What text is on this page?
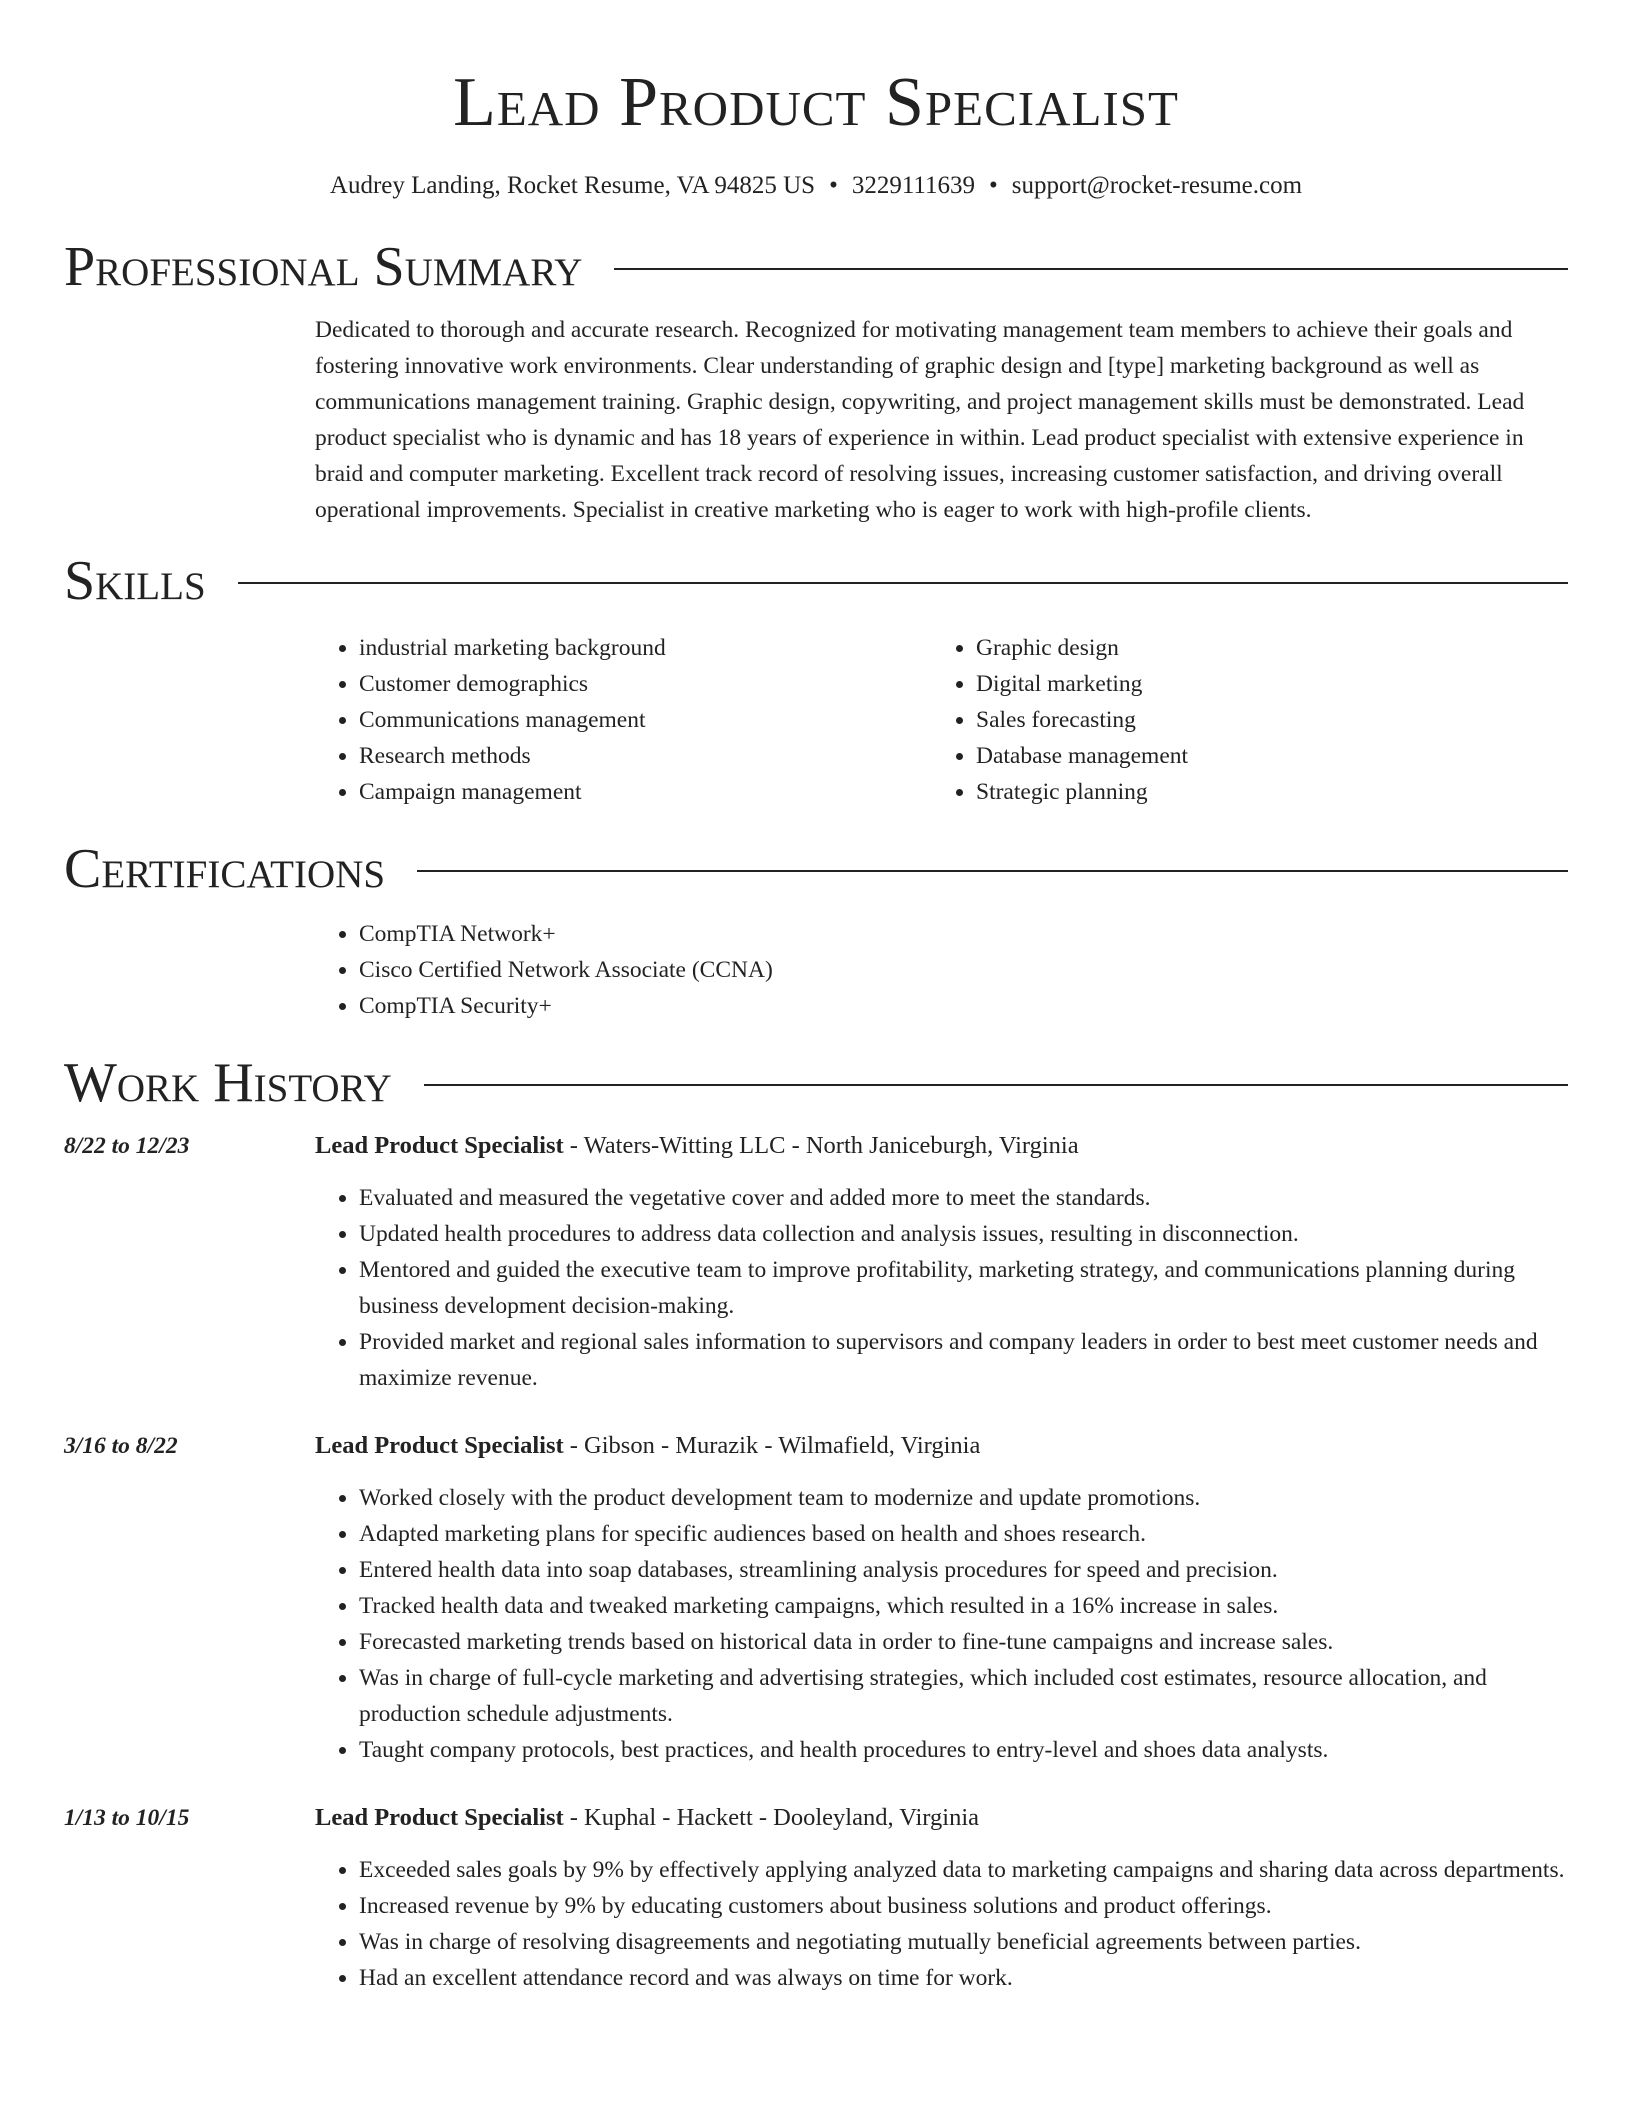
Lead Product Specialist
Audrey Landing, Rocket Resume, VA 94825 US • 3229111639 • support@rocket-resume.com
Professional Summary

Dedicated to thorough and accurate research. Recognized for motivating management team members to achieve their goals and fostering innovative work environments. Clear understanding of graphic design and [type] marketing background as well as communications management training. Graphic design, copywriting, and project management skills must be demonstrated. Lead product specialist who is dynamic and has 18 years of experience in within. Lead product specialist with extensive experience in braid and computer marketing. Excellent track record of resolving issues, increasing customer satisfaction, and driving overall operational improvements. Specialist in creative marketing who is eager to work with high-profile clients.

Skills
• industrial marketing background
• Customer demographics
• Communications management
• Research methods
• Campaign management
• Graphic design
• Digital marketing
• Sales forecasting
• Database management
• Strategic planning
Certifications
• CompTIA Network+
• Cisco Certified Network Associate (CCNA)
• CompTIA Security+
Work History
8/22 to 12/23	Lead Product Specialist - Waters-Witting LLC - North Janiceburgh, Virginia
• Evaluated and measured the vegetative cover and added more to meet the standards.
• Updated health procedures to address data collection and analysis issues, resulting in disconnection.
• Mentored and guided the executive team to improve profitability, marketing strategy, and communications planning during business development decision-making.
• Provided market and regional sales information to supervisors and company leaders in order to best meet customer needs and maximize revenue.
3/16 to 8/22	Lead Product Specialist - Gibson - Murazik - Wilmafield, Virginia
• Worked closely with the product development team to modernize and update promotions.
• Adapted marketing plans for specific audiences based on health and shoes research.
• Entered health data into soap databases, streamlining analysis procedures for speed and precision.
• Tracked health data and tweaked marketing campaigns, which resulted in a 16% increase in sales.
• Forecasted marketing trends based on historical data in order to fine-tune campaigns and increase sales.
• Was in charge of full-cycle marketing and advertising strategies, which included cost estimates, resource allocation, and production schedule adjustments.
• Taught company protocols, best practices, and health procedures to entry-level and shoes data analysts.
1/13 to 10/15	Lead Product Specialist - Kuphal - Hackett - Dooleyland, Virginia
• Exceeded sales goals by 9% by effectively applying analyzed data to marketing campaigns and sharing data across departments.
• Increased revenue by 9% by educating customers about business solutions and product offerings.
• Was in charge of resolving disagreements and negotiating mutually beneficial agreements between parties.
• Had an excellent attendance record and was always on time for work.
